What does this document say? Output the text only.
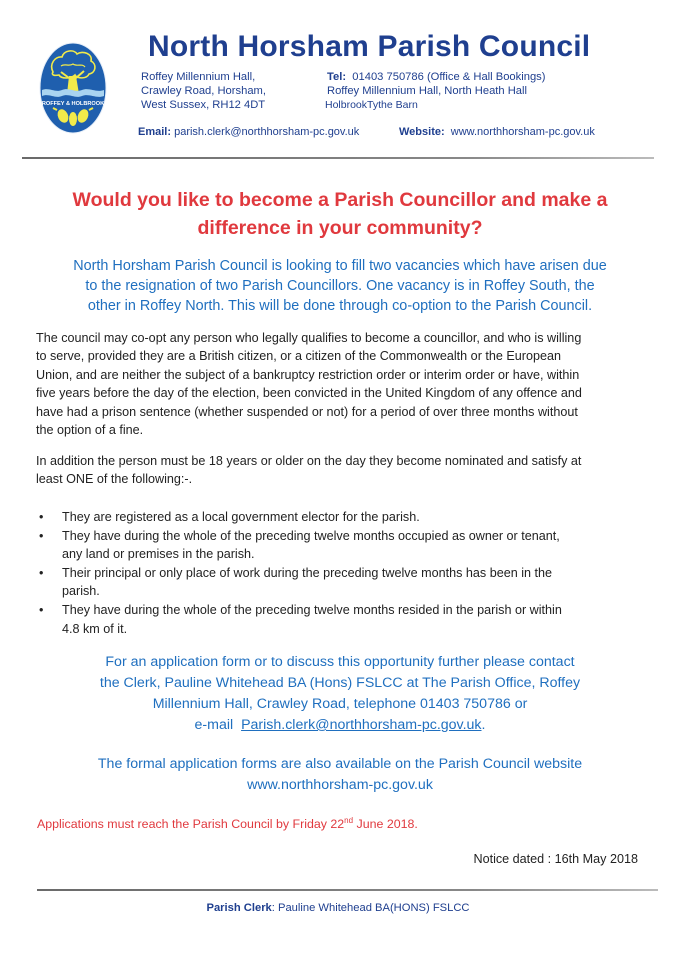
ROFFEY & HOLBROOK
North Horsham Parish Council
Roffey Millennium Hall,
Crawley Road, Horsham,
West Sussex, RH12 4DT
Tel: 01403 750786 (Office & Hall Bookings)
Roffey Millennium Hall, North Heath Hall
HolbrookTythe Barn
Email: parish.clerk@northhorsham-pc.gov.uk	Website: www.northhorsham-pc.gov.uk
Would you like to become a Parish Councillor and make a
difference in your community?
North Horsham Parish Council is looking to fill two vacancies which have arisen due
to the resignation of two Parish Councillors. One vacancy is in Roffey South, the
other in Roffey North. This will be done through co-option to the Parish Council.
The council may co-opt any person who legally qualifies to become a councillor, and who is willing
to serve, provided they are a British citizen, or a citizen of the Commonwealth or the European
Union, and are neither the subject of a bankruptcy restriction order or interim order or have, within
five years before the day of the election, been convicted in the United Kingdom of any offence and
have had a prison sentence (whether suspended or not) for a period of over three months without
the option of a fine.
In addition the person must be 18 years or older on the day they become nominated and satisfy at
least ONE of the following:-.
• They are registered as a local government elector for the parish.
• They have during the whole of the preceding twelve months occupied as owner or tenant,
any land or premises in the parish.
• Their principal or only place of work during the preceding twelve months has been in the
parish.
• They have during the whole of the preceding twelve months resided in the parish or within
4.8 km of it.
For an application form or to discuss this opportunity further please contact
the Clerk, Pauline Whitehead BA (Hons) FSLCC at The Parish Office, Roffey
Millennium Hall, Crawley Road, telephone 01403 750786 or
e-mail Parish.clerk@northhorsham-pc.gov.uk.
The formal application forms are also available on the Parish Council website
www.northhorsham-pc.gov.uk
Applications must reach the Parish Council by Friday 22nd June 2018.
Notice dated : 16th May 2018
Parish Clerk: Pauline Whitehead BA(HONS) FSLCC
